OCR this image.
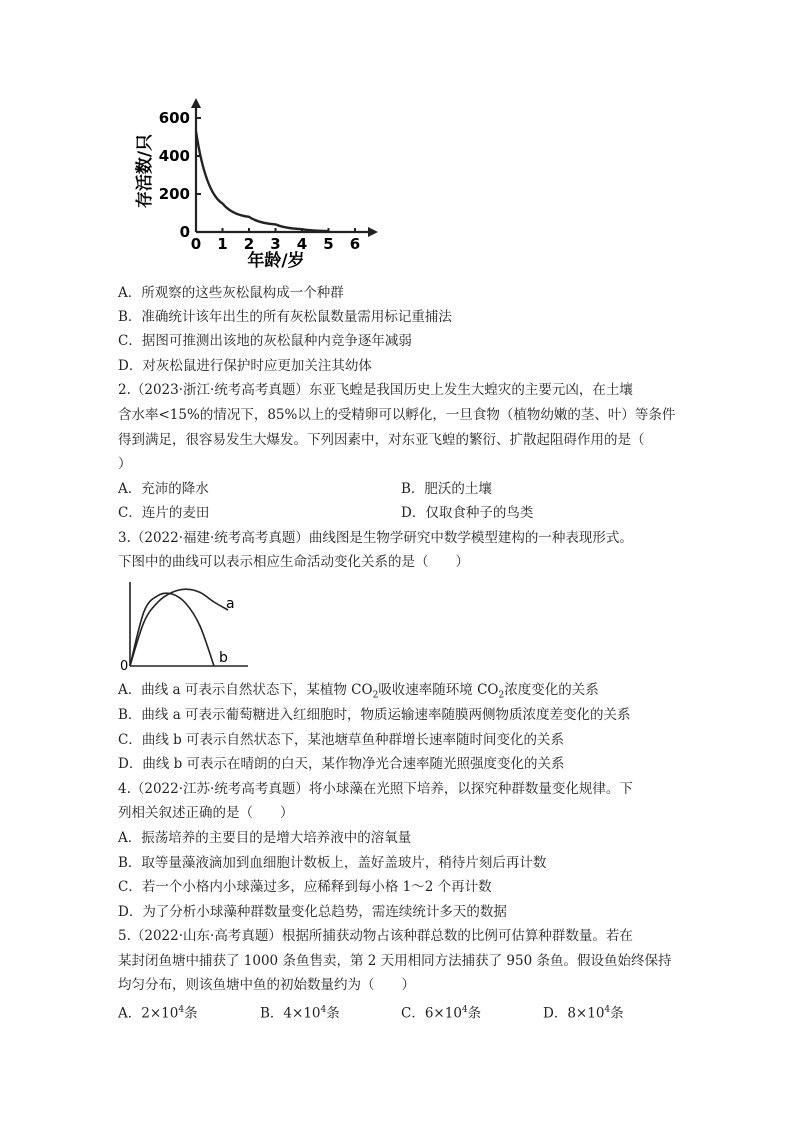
0
200
400
600
0 1 2 3 4 5 6
存活数/只
年龄/岁
A．所观察的这些灰松鼠构成一个种群
B．准确统计该年出生的所有灰松鼠数量需用标记重捕法
C．据图可推测出该地的灰松鼠种内竞争逐年减弱
D．对灰松鼠进行保护时应更加关注其幼体
2.（2023·浙江·统考高考真题）东亚飞蝗是我国历史上发生大蝗灾的主要元凶，在土壤
含水率<15%的情况下，85%以上的受精卵可以孵化，一旦食物（植物幼嫩的茎、叶）等条件
得到满足，很容易发生大爆发。下列因素中，对东亚飞蝗的繁衍、扩散起阻碍作用的是（
）
A．充沛的降水	B．肥沃的土壤
C．连片的麦田	D．仅取食种子的鸟类
3.（2022·福建·统考高考真题）曲线图是生物学研究中数学模型建构的一种表现形式。
下图中的曲线可以表示相应生命活动变化关系的是（　　）
a
b
0
A．曲线 a 可表示自然状态下，某植物 $CO_2$吸收速率随环境 $CO_2$浓度变化的关系
B．曲线 a 可表示葡萄糖进入红细胞时，物质运输速率随膜两侧物质浓度差变化的关系
C．曲线 b 可表示自然状态下，某池塘草鱼种群增长速率随时间变化的关系
D．曲线 b 可表示在晴朗的白天，某作物净光合速率随光照强度变化的关系
4.（2022·江苏·统考高考真题）将小球藻在光照下培养，以探究种群数量变化规律。下
列相关叙述正确的是（　　）
A．振荡培养的主要目的是增大培养液中的溶氧量
B．取等量藻液滴加到血细胞计数板上，盖好盖玻片，稍待片刻后再计数
C．若一个小格内小球藻过多，应稀释到每小格 1～2 个再计数
D．为了分析小球藻种群数量变化总趋势，需连续统计多天的数据
5.（2022·山东·高考真题）根据所捕获动物占该种群总数的比例可估算种群数量。若在
某封闭鱼塘中捕获了 1000 条鱼售卖，第 2 天用相同方法捕获了 950 条鱼。假设鱼始终保持
均匀分布，则该鱼塘中鱼的初始数量约为（　　）
A．$2\times 10^4$条	B．$4\times 10^4$条	C．$6\times 10^4$条	D．$8\times 10^4$条
